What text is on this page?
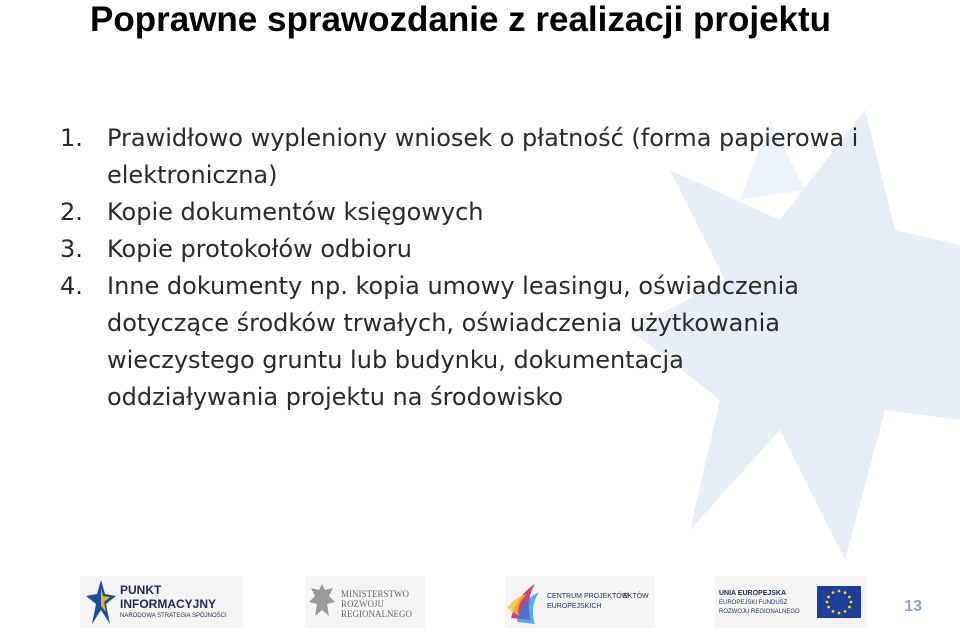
Poprawne sprawozdanie z realizacji projektu
1.	Prawidłowo wypleniony wniosek o płatność (forma papierowa i elektroniczna)
2.	Kopie dokumentów księgowych
3.	Kopie protokołów odbioru
4.	Inne dokumenty np. kopia umowy leasingu, oświadczenia dotyczące środków trwałych, oświadczenia użytkowania wieczystego gruntu lub budynku, dokumentacja oddziaływania projektu na środowisko
PUNKT
INFORMACYJNY
NARODOWA STRATEGIA SPÓJNOŚCI
MINISTERSTWO
ROZWOJU
REGIONALNEGO
CENTRUM PROJEKTÓW
EKTÓW
EUROPEJSKICH
UNIA EUROPEJSKA
EUROPEJSKI FUNDUSZ
ROZWOJU REGIONALNEGO	13
